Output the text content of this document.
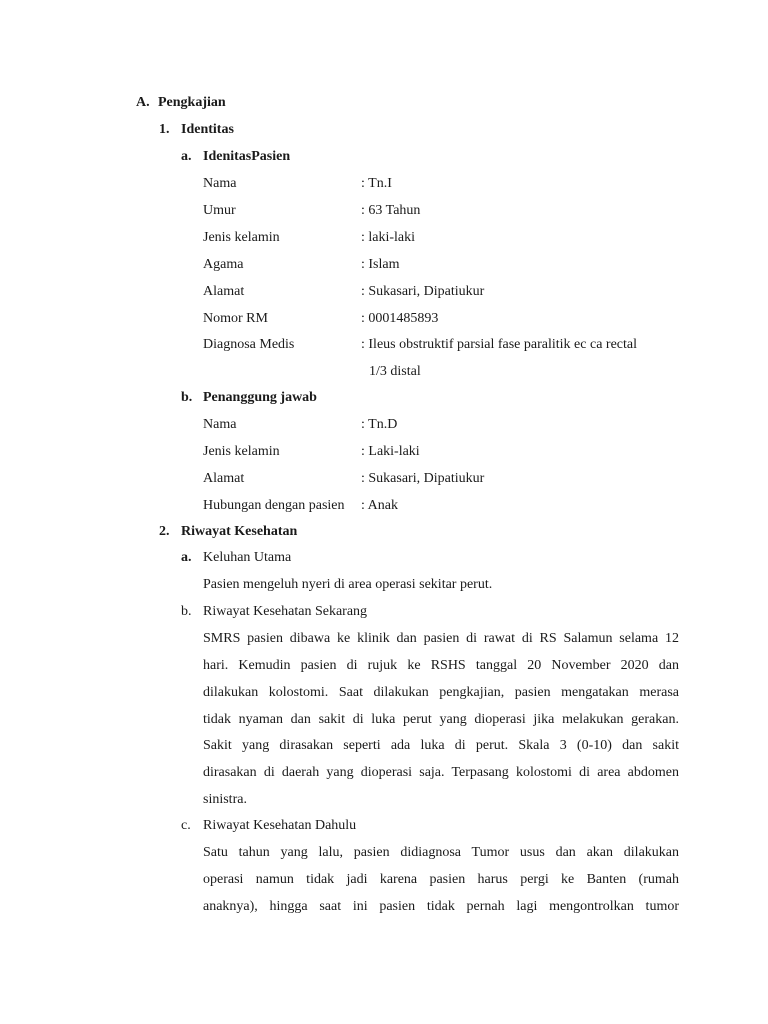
A. Pengkajian
1. Identitas
a. IdenitasPasien
Nama	: Tn.I
Umur	: 63 Tahun
Jenis kelamin	: laki-laki
Agama	: Islam
Alamat	: Sukasari, Dipatiukur
Nomor RM	: 0001485893
Diagnosa Medis	: Ileus obstruktif parsial fase paralitik ec ca rectal
1/3 distal
b. Penanggung jawab
Nama	: Tn.D
Jenis kelamin	: Laki-laki
Alamat	: Sukasari, Dipatiukur
Hubungan dengan pasien : Anak
2. Riwayat Kesehatan
a. Keluhan Utama
Pasien mengeluh nyeri di area operasi sekitar perut.
b. Riwayat Kesehatan Sekarang
SMRS pasien dibawa ke klinik dan pasien di rawat di RS Salamun selama 12
hari. Kemudin pasien di rujuk ke RSHS tanggal 20 November 2020 dan
dilakukan kolostomi. Saat dilakukan pengkajian, pasien mengatakan merasa
tidak nyaman dan sakit di luka perut yang dioperasi jika melakukan gerakan.
Sakit yang dirasakan seperti ada luka di perut. Skala 3 (0-10) dan sakit
dirasakan di daerah yang dioperasi saja. Terpasang kolostomi di area abdomen
sinistra.
c. Riwayat Kesehatan Dahulu
Satu tahun yang lalu, pasien didiagnosa Tumor usus dan akan dilakukan
operasi namun tidak jadi karena pasien harus pergi ke Banten (rumah
anaknya), hingga saat ini pasien tidak pernah lagi mengontrolkan tumor
